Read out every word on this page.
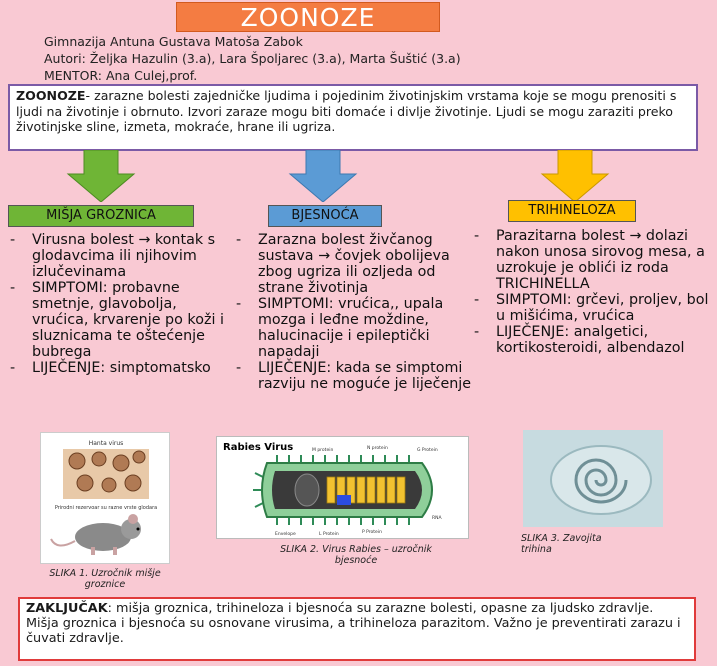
ZOONOZE
Gimnazija Antuna Gustava Matoša Zabok
Autori: Željka Hazulin (3.a), Lara Špoljarec (3.a), Marta Šuštić (3.a)
MENTOR: Ana Culej,prof.
ZOONOZE- zarazne bolesti zajedničke ljudima i pojedinim životinjskim vrstama koje se mogu prenositi s ljudi na životinje i obrnuto. Izvori zaraze mogu biti domaće i divlje životinje. Ljudi se mogu zaraziti preko životinjske sline, izmeta, mokraće, hrane ili ugriza.
MIŠJA GROZNICA	BJESNOĆA	TRIHINELOZA
- Virusna bolest → kontak s glodavcima ili njihovim izlučevinama
- SIMPTOMI: probavne smetnje, glavobolja, vrućica, krvarenje po koži i sluznicama te oštećenje bubrega
- LIJEČENJE: simptomatsko
- Zarazna bolest živčanog sustava → čovjek obolijeva zbog ugriza ili ozljeda od strane životinja
- SIMPTOMI: vrućica,, upala mozga i leđne moždine, halucinacije i epileptički napadaji
- LIJEČENJE: kada se simptomi razviju ne moguće je liječenje
- Parazitarna bolest → dolazi nakon unosa sirovog mesa, a uzrokuje je oblići iz roda TRICHINELLA
- SIMPTOMI: grčevi, proljev, bol u mišićima, vrućica
- LIJEČENJE: analgetici, kortikosteroidi, albendazol
Hanta virus
Prirodni rezervoar su razne vrste glodara
SLIKA 1. Uzročnik mišje groznice
Rabies Virus	M protein	N protein	G Protein
Envelope	L Protein	P Protein
RNA
SLIKA 2. Virus Rabies – uzročnik bjesnoće
SLIKA 3. Zavojita trihina
ZAKLJUČAK: mišja groznica, trihineloza i bjesnoća su zarazne bolesti, opasne za ljudsko zdravlje. Mišja groznica i bjesnoća su osnovane virusima, a trihineloza parazitom. Važno je preventirati zarazu i čuvati zdravlje.
